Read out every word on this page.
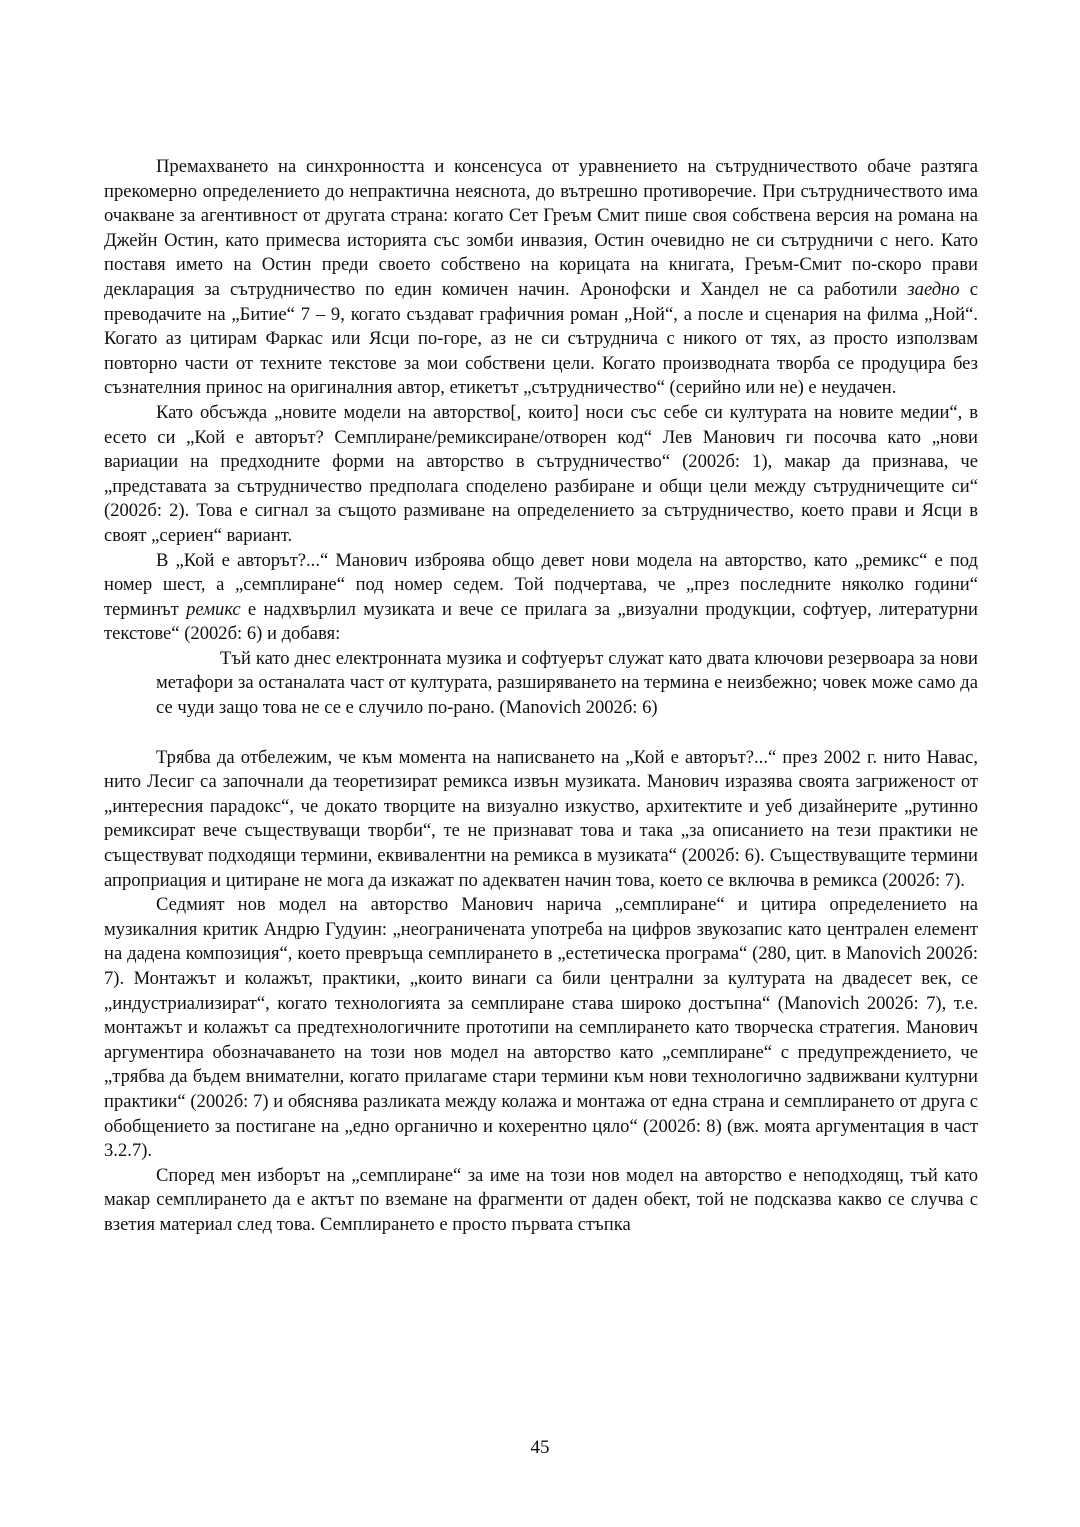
Премахването на синхронността и консенсуса от уравнението на сътрудничеството обаче разтяга прекомерно определението до непрактична неяснота, до вътрешно противоречие. При сътрудничеството има очакване за агентивност от другата страна: когато Сет Греъм Смит пише своя собствена версия на романа на Джейн Остин, като примесва историята със зомби инвазия, Остин очевидно не си сътрудничи с него. Като поставя името на Остин преди своето собствено на корицата на книгата, Греъм-Смит по-скоро прави декларация за сътрудничество по един комичен начин. Аронофски и Хандел не са работили заедно с преводачите на „Битие“ 7 – 9, когато създават графичния роман „Ной“, а после и сценария на филма „Ной“. Когато аз цитирам Фаркас или Ясци по-горе, аз не си сътруднича с никого от тях, аз просто използвам повторно части от техните текстове за мои собствени цели. Когато производната творба се продуцира без съзнателния принос на оригиналния автор, етикетът „сътрудничество“ (серийно или не) е неудачен.

Като обсъжда „новите модели на авторство[, които] носи със себе си културата на новите медии“, в есето си „Кой е авторът? Семплиране/ремиксиране/отворен код“ Лев Манович ги посочва като „нови вариации на предходните форми на авторство в сътрудничество“ (2002б: 1), макар да признава, че „представата за сътрудничество предполага споделено разбиране и общи цели между сътрудничещите си“ (2002б: 2). Това е сигнал за същото размиване на определението за сътрудничество, което прави и Ясци в своят „сериен“ вариант.

В „Кой е авторът?...“ Манович изброява общо девет нови модела на авторство, като „ремикс“ е под номер шест, а „семплиране“ под номер седем. Той подчертава, че „през последните няколко години“ терминът ремикс е надхвърлил музиката и вече се прилага за „визуални продукции, софтуер, литературни текстове“ (2002б: 6) и добавя:

Тъй като днес електронната музика и софтуерът служат като двата ключови резервоара за нови метафори за останалата част от културата, разширяването на термина е неизбежно; човек може само да се чуди защо това не се е случило по-рано. (Manovich 2002б: 6)

Трябва да отбележим, че към момента на написването на „Кой е авторът?...“ през 2002 г. нито Навас, нито Лесиг са започнали да теоретизират ремикса извън музиката. Манович изразява своята загриженост от „интересния парадокс“, че докато творците на визуално изкуство, архитектите и уеб дизайнерите „рутинно ремиксират вече съществуващи творби“, те не признават това и така „за описанието на тези практики не съществуват подходящи термини, еквивалентни на ремикса в музиката“ (2002б: 6). Съществуващите термини апроприация и цитиране не мога да изкажат по адекватен начин това, което се включва в ремикса (2002б: 7).

Седмият нов модел на авторство Манович нарича „семплиране“ и цитира определението на музикалния критик Андрю Гудуин: „неограничената употреба на цифров звукозапис като централен елемент на дадена композиция“, което превръща семплирането в „естетическа програма“ (280, цит. в Manovich 2002б: 7). Монтажът и колажът, практики, „които винаги са били централни за културата на двадесет век, се „индустриализират“, когато технологията за семплиране става широко достъпна“ (Manovich 2002б: 7), т.е. монтажът и колажът са предтехнологичните прототипи на семплирането като творческа стратегия. Манович аргументира обозначаването на този нов модел на авторство като „семплиране“ с предупреждението, че „трябва да бъдем внимателни, когато прилагаме стари термини към нови технологично задвижвани културни практики“ (2002б: 7) и обяснява разликата между колажа и монтажа от една страна и семплирането от друга с обобщението за постигане на „едно органично и кохерентно цяло“ (2002б: 8) (вж. моята аргументация в част 3.2.7).

Според мен изборът на „семплиране“ за име на този нов модел на авторство е неподходящ, тъй като макар семплирането да е актът по вземане на фрагменти от даден обект, той не подсказва какво се случва с взетия материал след това. Семплирането е просто първата стъпка

45
